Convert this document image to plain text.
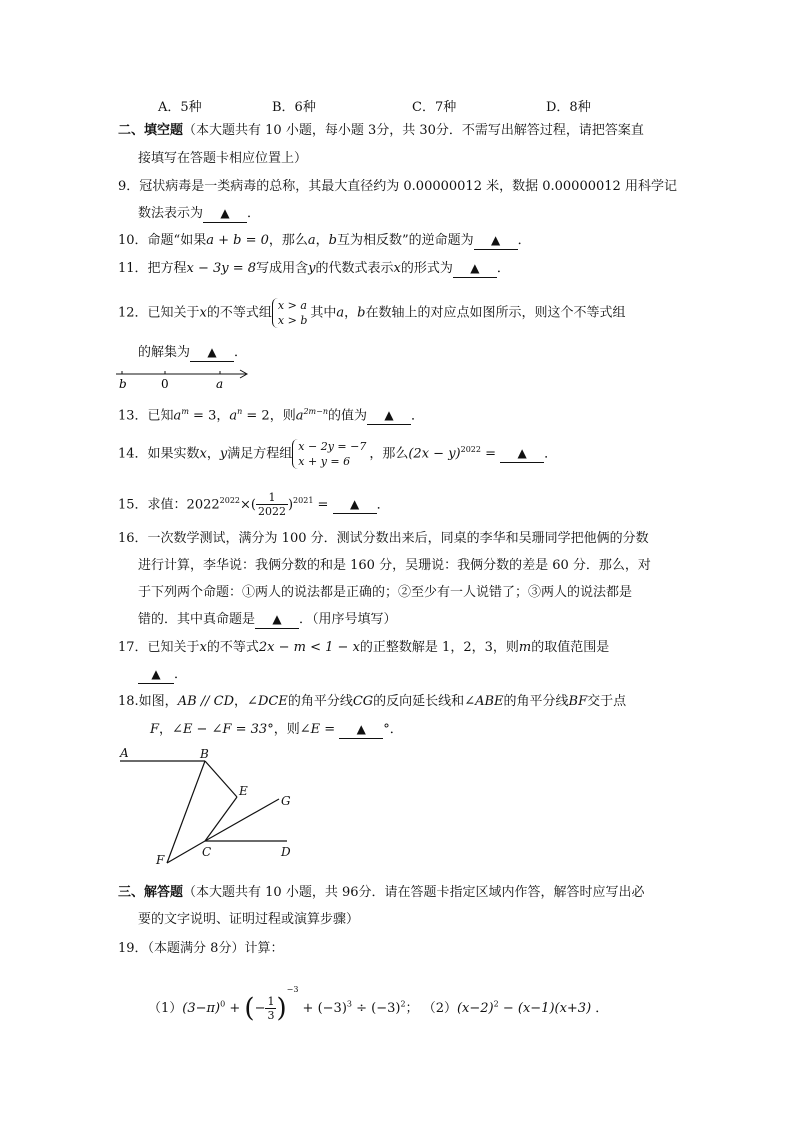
A．5种	B．6种	C．7种	D．8种
二、填空题（本大题共有 10 小题，每小题 3分，共 30分．不需写出解答过程，请把答案直
接填写在答题卡相应位置上）
9．冠状病毒是一类病毒的总称，其最大直径约为 0.00000012 米，数据 0.00000012 用科学记
数法表示为 ▲ ．
10．命题“如果a + b = 0，那么a，b互为相反数”的逆命题为 ▲ ．
11．把方程x − 3y = 8写成用含y的代数式表示x的形式为 ▲ ．
12．已知关于x的不等式组 x > a
x > b 其中a，b在数轴上的对应点如图所示，则这个不等式组
的解集为 ▲ ．
b	0	a
13．已知$a^m = 3$，$a^n = 2$，则$a^{2m-n}$的值为 ▲ ．
14．如果实数x，y满足方程组 x − 2y = −7
x + y = 6	，那么$(2x - y)^{2022}$ = ▲ ．
15．求值：$2022^{2022}\times( \frac{1}{2022} )^{2021}$ = ▲ ．
16．一次数学测试，满分为 100 分．测试分数出来后，同桌的李华和吴珊同学把他俩的分数
进行计算，李华说：我俩分数的和是 160 分，吴珊说：我俩分数的差是 60 分．那么，对
于下列两个命题：①两人的说法都是正确的；②至少有一人说错了；③两人的说法都是
错的．其中真命题是 ▲ ．（用序号填写）
17．已知关于x的不等式2x − m < 1 − x的正整数解是 1，2，3，则m的取值范围是
▲ ．
18.如图，AB // CD，∠DCE的角平分线CG的反向延长线和∠ABE的角平分线BF交于点
F，∠E − ∠F = 33°，则∠E = ▲ °．
A	B
E
G
C	D
F
三、解答题（本大题共有 10 小题，共 96分．请在答题卡指定区域内作答，解答时应写出必
要的文字说明、证明过程或演算步骤）
19．（本题满分 8分）计算：
$(1)(3-\pi)^0$ + (− $\frac{1}{3} )^{-3} + (-3)^3 \div (-3)^2$； $(2)(x-2)^2 - (x-1)(x+3)$ ．
